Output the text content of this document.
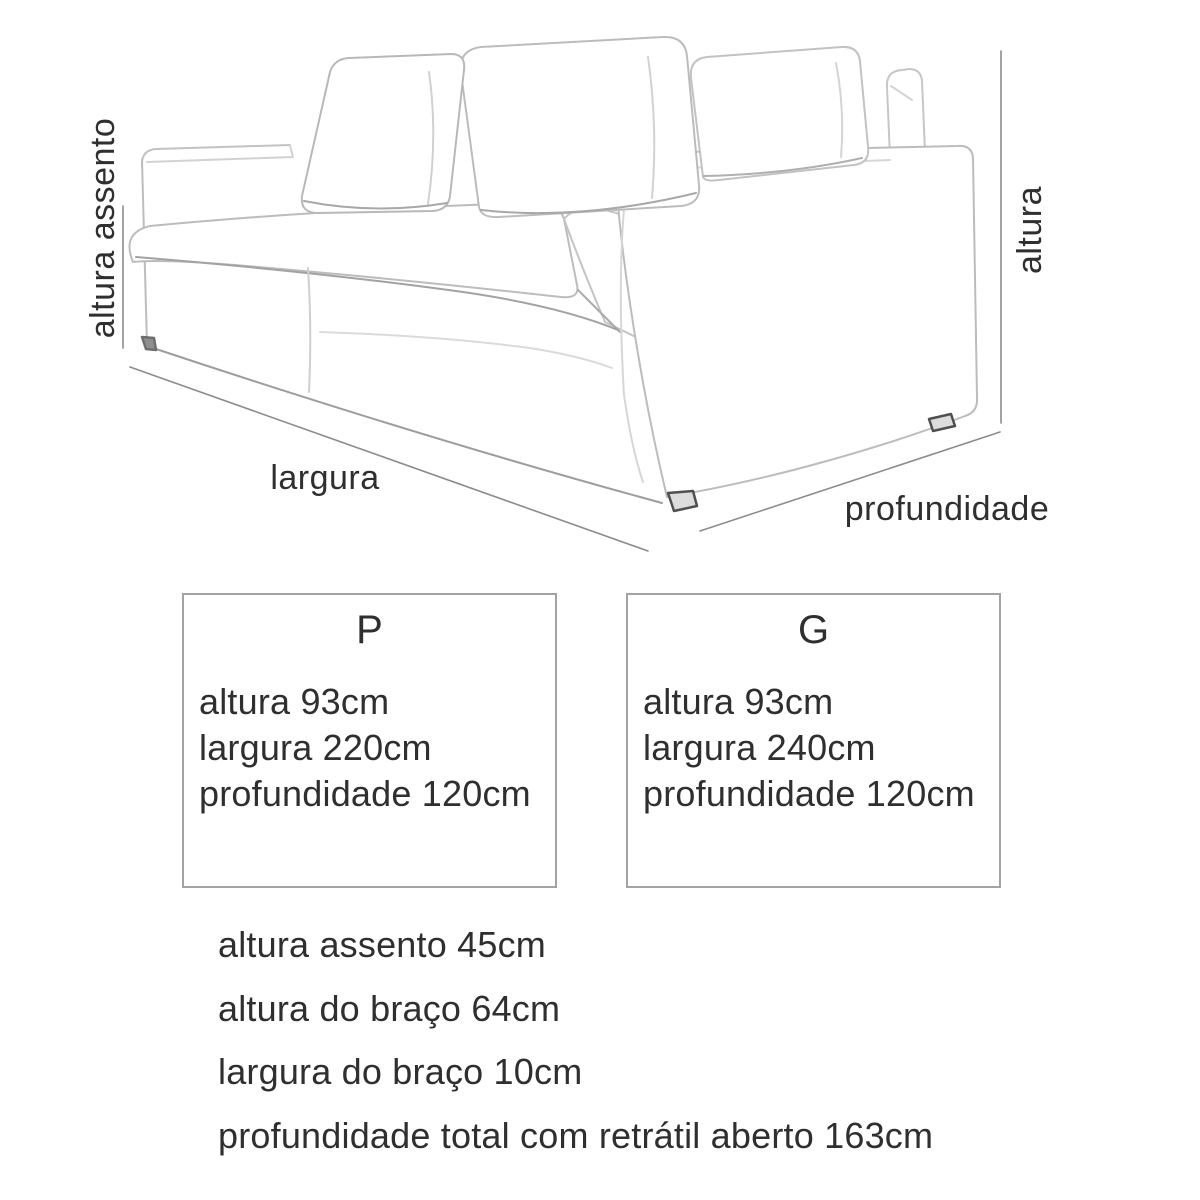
altura assento	altura
largura
profundidade
P
altura 93cm
largura 220cm
profundidade 120cm
G
altura 93cm
largura 240cm
profundidade 120cm
altura assento 45cm
altura do braço 64cm
largura do braço 10cm
profundidade total com retrátil aberto 163cm
